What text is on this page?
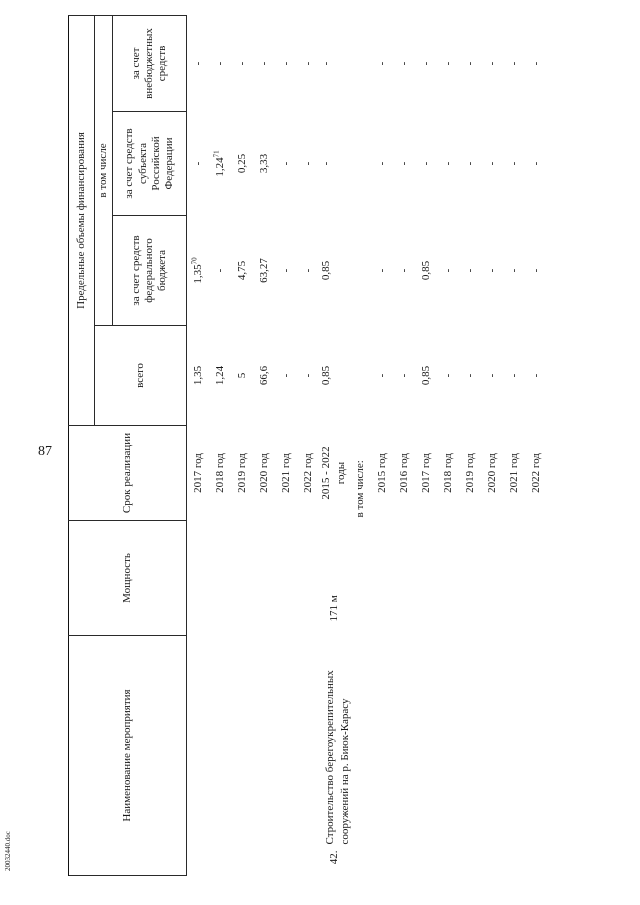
87
20032440.doc
Наименование мероприятия		Мощность	Срок реализации	Предельные объемы финансирования			
				всего	в том числе		
					за счет средств федерального бюджета	за счет средств субъекта Российской Федерации	за счет внебюджетных средств
			2017 год	1,35	1,35$^{70}$	-	-
			2018 год	1,24	-	1,24$^{71}$	-
			2019 год	5	4,75	0,25	-
			2020 год	66,6	63,27	3,33	-
			2021 год	-	-	-	-
			2022 год	-	-	-	-
42.	Строительство берегоукрепительных сооружений на р. Биюк-Карасу	171 м	2015 - 2022 годы	0,85	0,85	-	-
			в том числе:				
			2015 год	-	-	-	-
			2016 год	-	-	-	-
			2017 год	0,85	0,85	-	-
			2018 год	-	-	-	-
			2019 год	-	-	-	-
			2020 год	-	-	-	-
			2021 год	-	-	-	-
			2022 год	-	-	-	-
